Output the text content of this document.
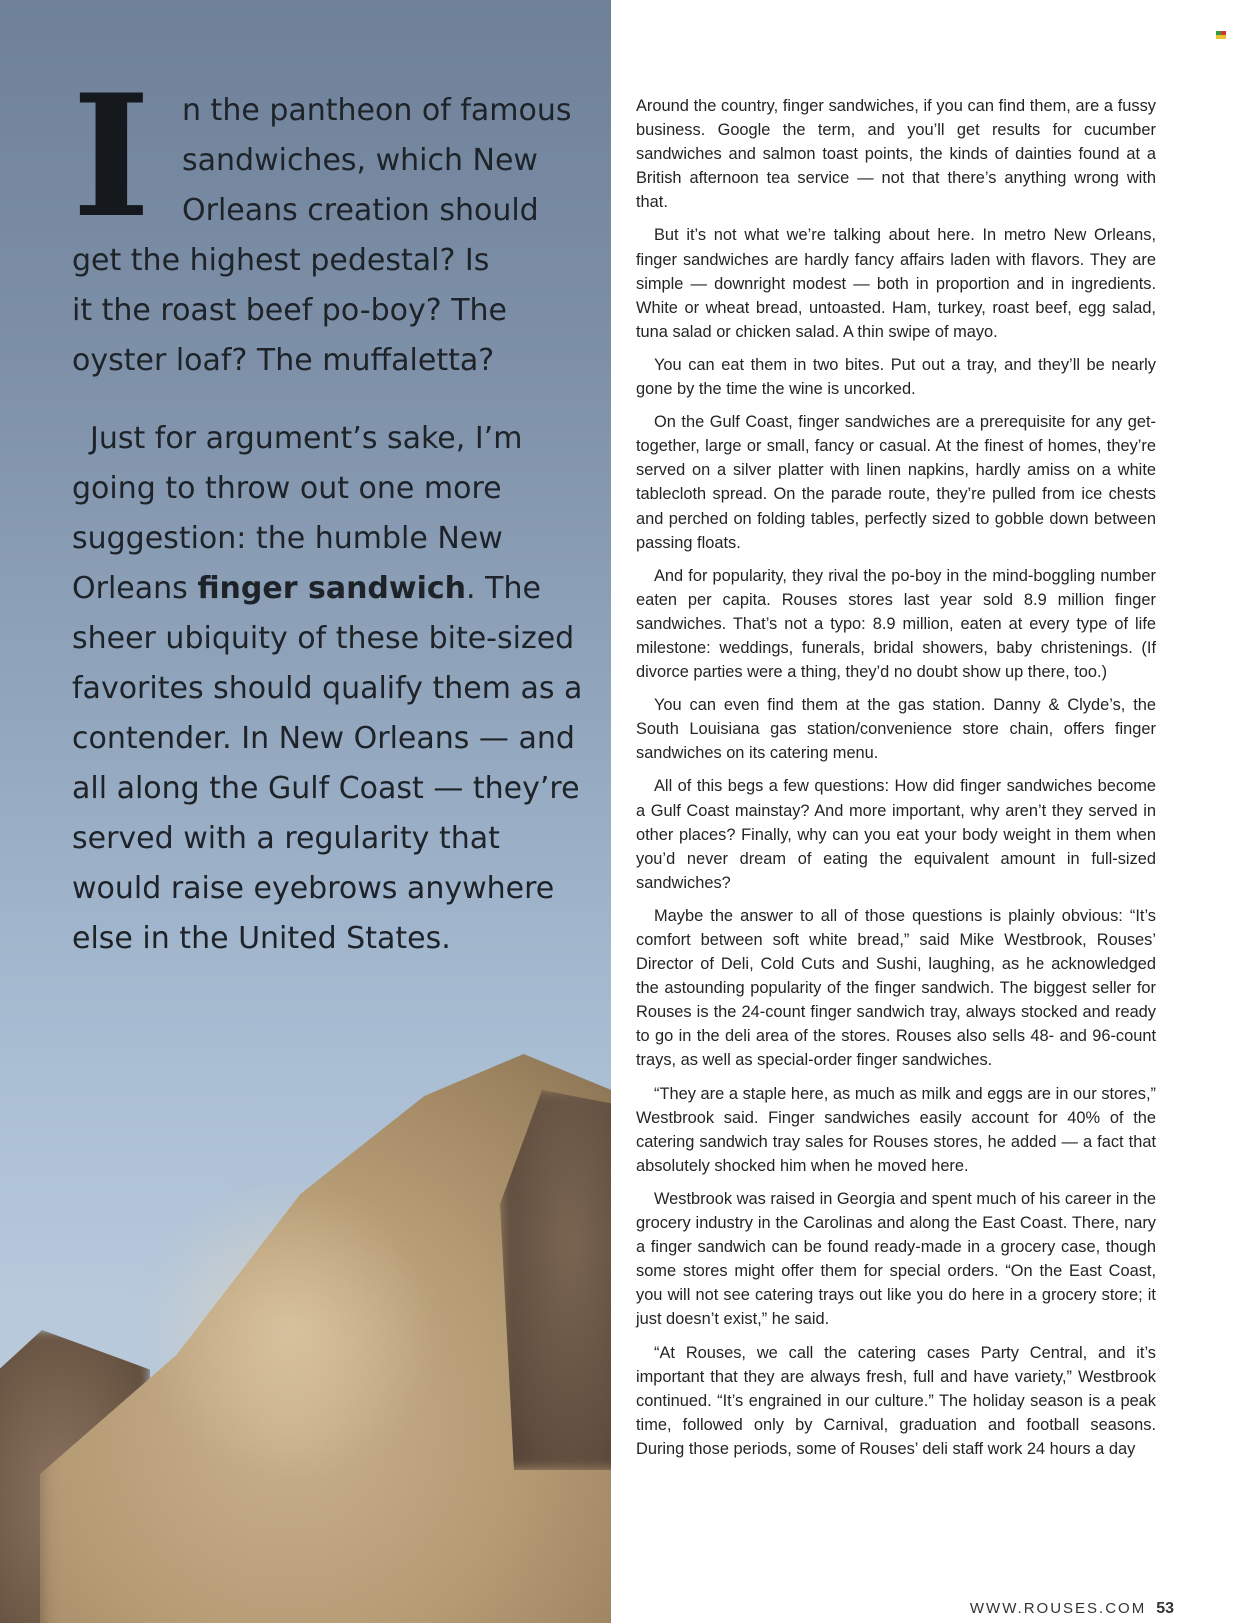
I n the pantheon of famous
sandwiches, which New
Orleans creation should
get the highest pedestal? Is
it the roast beef po-boy? The
oyster loaf? The muffaletta?
Just for argument’s sake, I’m
going to throw out one more
suggestion: the humble New
Orleans finger sandwich. The
sheer ubiquity of these bite-sized
favorites should qualify them as a
contender. In New Orleans — and
all along the Gulf Coast — they’re
served with a regularity that
would raise eyebrows anywhere
else in the United States.

Around the country, finger sandwiches, if you can find them, are a fussy business. Google the term, and you’ll get results for cucumber sandwiches and salmon toast points, the kinds of dainties found at a British afternoon tea service — not that there’s anything wrong with that.

But it’s not what we’re talking about here. In metro New Orleans, finger sandwiches are hardly fancy affairs laden with flavors. They are simple — downright modest — both in proportion and in ingredients. White or wheat bread, untoasted. Ham, turkey, roast beef, egg salad, tuna salad or chicken salad. A thin swipe of mayo.

You can eat them in two bites. Put out a tray, and they’ll be nearly gone by the time the wine is uncorked.

On the Gulf Coast, finger sandwiches are a prerequisite for any get-together, large or small, fancy or casual. At the finest of homes, they’re served on a silver platter with linen napkins, hardly amiss on a white tablecloth spread. On the parade route, they’re pulled from ice chests and perched on folding tables, perfectly sized to gobble down between passing floats.

And for popularity, they rival the po-boy in the mind-boggling number eaten per capita. Rouses stores last year sold 8.9 million finger sandwiches. That’s not a typo: 8.9 million, eaten at every type of life milestone: weddings, funerals, bridal showers, baby christenings. (If divorce parties were a thing, they’d no doubt show up there, too.)

You can even find them at the gas station. Danny & Clyde’s, the South Louisiana gas station/convenience store chain, offers finger sandwiches on its catering menu.

All of this begs a few questions: How did finger sandwiches become a Gulf Coast mainstay? And more important, why aren’t they served in other places? Finally, why can you eat your body weight in them when you’d never dream of eating the equivalent amount in full-sized sandwiches?

Maybe the answer to all of those questions is plainly obvious: “It’s comfort between soft white bread,” said Mike Westbrook, Rouses’ Director of Deli, Cold Cuts and Sushi, laughing, as he acknowledged the astounding popularity of the finger sandwich. The biggest seller for Rouses is the 24-count finger sandwich tray, always stocked and ready to go in the deli area of the stores. Rouses also sells 48- and 96-count trays, as well as special-order finger sandwiches.

“They are a staple here, as much as milk and eggs are in our stores,” Westbrook said. Finger sandwiches easily account for 40% of the catering sandwich tray sales for Rouses stores, he added — a fact that absolutely shocked him when he moved here.

Westbrook was raised in Georgia and spent much of his career in the grocery industry in the Carolinas and along the East Coast. There, nary a finger sandwich can be found ready-made in a grocery case, though some stores might offer them for special orders. “On the East Coast, you will not see catering trays out like you do here in a grocery store; it just doesn’t exist,” he said.

“At Rouses, we call the catering cases Party Central, and it’s important that they are always fresh, full and have variety,” Westbrook continued. “It’s engrained in our culture.” The holiday season is a peak time, followed only by Carnival, graduation and football seasons. During those periods, some of Rouses’ deli staff work 24 hours a day

WWW.ROUSES.COM 53
